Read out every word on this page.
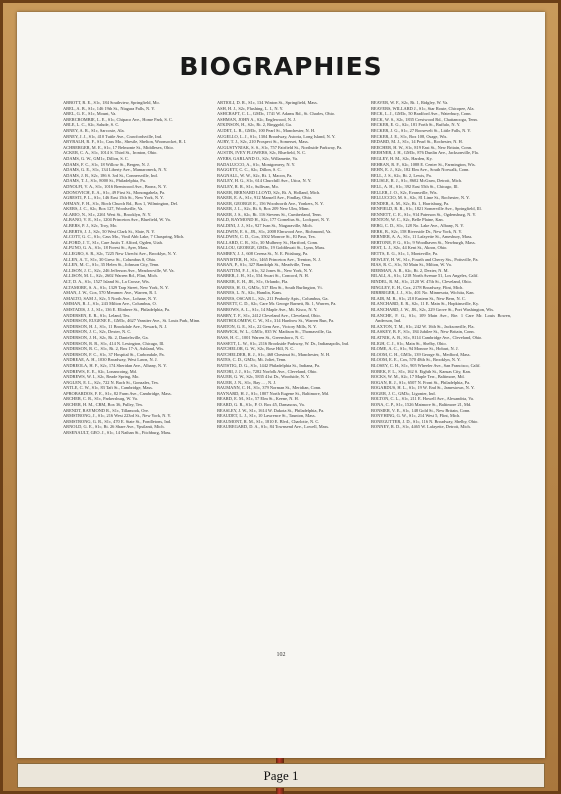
BIOGRAPHIES

ABBOTT, R. E., S1c, 184 Southview, Springfield, Mo.

ABEL, A. B., S1c, 146 19th St., Niagara Falls, N. Y.

ABEL, G. E., S1c, Mount, Va.

ABERCROMBIE, L. E., S1c, Chipaco Ave., Home Park, S. C.

ABLE, L. C., S2c, Salude, S. C.

ABNEY, A. R., S1c, Sarcoxie, Ala.

ABNEY, J. J., S1c, 410 Tuttle Ave., Crawfordsville, Ind.

ABYBALH, R. F., S1c, Cass Mo., Shesile, Shelton, Woonsocket, R. I.

ACHBERGER, M. E., S1c, 17 Belmonte St., Middlesex, Ohio.

ACKER, C. A., S1c, 1014 S. Third St., Ironton, Ohio.

ADAMS, G. W., GM1c, Dillon, S. C.

ADAMS, F. C., S1c, 18 Willow St., Bergen, N. J.

ADAMS, G. E., S1c, 134 Liberty Ave., Mamaroneck, N. Y.

ADAMS, J. B., S2c, 186 S. 3rd St., Connersville, Ind.

ADAMS, T. J., S1c, 8000 St., Philadelphia, Pa.

ADNOLFI, V. A., S1c, 1016 Brentwood Ave., Bronx, N. Y.

ADONOVICH, E. A., S1c, 49 First St., Monongahela, Pa.

AGRESTI, P. L., S1c, 146 East 15th St., New York, N. Y.

AHMAN, F. H., S1c, Birch Church Rd., Box 1, Wilmington, Del.

AKERS, J. C., S2c, Box 127, Woodsville, Va.

ALARIO, N., S1c, 2261 West St., Brooklyn, N. Y.

ALBANO, V. E., S1c, 1204 Princeton Ave., Bluefield, W. Va.

ALBERS, P. J., S2c, Troy, Mo.

ALBERTS, J. J., S2c, 50 West Clark St., Slate, N. Y.

ALCOTT, G. C., S1c, Cass Mo., Vinil Abb Lake, 7 Chaspring, Mich.

ALFORD, J. T., S1c, Care Justis T. Alford, Ogden, Utah.

ALFUNO, G. A., S1c, 18 Forest St., Ayer, Mass.

ALLEGRO, S. R., S2c, 7225 New Utrecht Ave., Brooklyn, N. Y.

ALLEN, A. T., S1c, 30 Gresc St., Columbus 8, Ohio.

ALLEN, M. C., S1c, 35 Helen St., Johnson City, Tenn.

ALLISON, J. C., S2c, 246 Jefferson Ave., Meadowville, W. Va.

ALLISON, M. L., S2c, 2602 Warren Rd., Flint, Mich.

ALT, D. A., S1c, 1527 Island St., La Crosse, Wis.

ALTAMORE, S. A., S1c, 1329 Tarp Street, New York, N. Y.

AMAN, J. W., Cox, 570 Meramec Ave., Warren, R. I.

AMALTO, SAM J., S2c, 5 North Ave., Lohane, N. Y.

AMMAN, R. J., S1c, 243 Milton Ave., Columbus, O.

AMSTADIS, J. J., S1c, 136 E. Elinbere St., Philadelphia, Pa.

ANDERSEN, E. R., S1c, Leland, Tex.

ANDERSON, EUGENE E., GM3c, 4627 Vanstter Ave., St. Louis Park, Minn.

ANDERSON, H. J., S1c, 11 Brookdale Ave., Newark, N. J.

ANDERSON, J. C., S2c, Dexter, N. C.

ANDERSON, J. H., S2c, Rt. 2, Danielsville, Ga.

ANDERSON, R. B., S1c, 414 N. Lexington, Chicago, Ill.

ANDERSON, R. C., S1c, Rt. 2, Box 17-A, Ashland, Wis.

ANDERSON, F. C., S1c, 37 Hospital St., Carbondale, Pa.

ANDREAE, A. H., 1030 Broadway, West Lawn, N. J.

ANDREOLA, H. F., S2c, 174 Sheridan Ave., Albany, N. Y.

ANDREWS, E. E., S2c, Lonancoing, Md.

ANDREWS, W. I., S2c, Reade Spring, Mo.

ANGLEN, E. L., S2c, 722 N. Bach St., Gonzales, Tex.

ANTLE, C. W., S1c, 83 Taft St., Cambridge, Mass.

APROBARDOS, F. E., S1c, 82 Farm Ave., Cambridge, Mass.

ARCHER, C. R., S1c, Parkersburg, W. Va.

ARCHER, H. M., CRM, Box 36, Pulley, Tex.

ARENDT, RAYMOND R., S1c, Tillamook, Ore.

ARMSTRONG, J., S1c, 216 West 223rd St., New York, N. Y.

ARMSTRONG, G. R., S1c, 470 E. State St., Fondletons, Ind.

ARNOLD, G. E., S1c, Rt. 26 Share Ave., Ypsilanti, Mich.

ARSENAULT, GEO. J., S1c, 14 Nathan St., Fitchburg, Mass.

ARTIOLI, D. R., S1c, 134 Winton St., Springfield, Mass.

ASH, H. J., S2c, Flushing, L. I., N. Y.

ASHCRAFT, C. L., GM3c, 1741 W. Adams Rd., St. Charles, Ohio.

ASHMAN, JOHN A., S2c, Englewood, N. J.

ATKINSON, H., S2c, Rt. 2, Ringgold, Ga.

AUDET, L. R., GM3c, 100 Pearl St., Manchester, N. H.

AUGELLO, L. J., S1c, 1304 Broadway, Astoria, Long Island, N. Y.

AURY, T. J., S2c, 210 Prospect St., Somerset, Mass.

AUGUSTYNIAK, S. S., S1c, 757 Fairfield St., Northside Parkway, Pa.

AUSTIN, IVEY FLOWERS, S2c, Bluefield, N. C.

AYERS, GARLAND O., S2c, Willamette, Va.

BADALUCCO, A., S1c, Montgomery, N. Y.

BAGGETT, C. C., S2c, Dillon, S. C.

BAGNALL, W. W., S2c, Rt. 1, Macon, Pa.

BAILEY, H. G., S1c, 614 Churchill Ave., Utica, N. Y.

BAILEY, R. R., S1c, Sullivan, Mo.

BAKER, BERNARD LLOYD, S2c, Rt. A, Holland, Mich.

BAKER, E. A., S1c, 912 Mansell Ave., Findlay, Ohio.

BAKER, GEORGE E., 156 Woodworth Ave., Yonkers, N. Y.

BAKER, J. L., S2c, Rt. 6, Box 209 New Ulm, Minn.

BAKER, J. S., S2c, Rt. 116 Stevens St., Cumberland, Tenn.

BALD, RAYMOND H., S2c, 177 Cornelius St., Lockport, N. Y.

BALDINI, J. J., S1c, 927 Ivan St., Niagaraville, Mich.

BALDWIN, E. S., JR., S1c, 2008 Elmwood Ave., Richmond, Va.

BALDWIN, C. D., Cox, 3502 Monroe St., El Paso, Tex.

BALLARD, C. R., S1c, 30 Mulberry St., Hartford, Conn.

BALLOU, GEORGE, GM3c, 19 Goldthwait St., Lynn, Mass.

BAMBEY, J. J., 608 Cerena St., N. E. Pittsburg, Pa.

BANNISTER, H., S1c, 1465 Princeton Ave., Trenton, N. J.

BARAN, P., S1c, 327 Randolph St., Meadville, Tenn.

BARATTINI, F. J., S1c, 32 Jones St., New York, N. Y.

BARBER, J. H., S1c, 554 Swart St., Concord, N. H.

BARKER, E. H., JR., S1c, Orlando, Fla.

BARNES, H. O., GM3c, 517 Elm St., South Burlington, Vt.

BARNES, L. N., S2c, Hamlin, Kans.

BARNES, OSCAR L., S2c, 211 Peabody Apts., Columbus, Ga.

BARNETT, C. D., S2c, Care Mr. George Barnett, Rt. 1, Warren, Pa.

BARROWS, A. L., S1c, 14 Maple Ave., Mt. Kisco, N. Y.

BARRY, T. F., S1c, 2412 Cleveland Ave., Cleveland, Ohio.

BARTHOLOMEW, C. W., S1c, 314 Hardrow St., Warren Run, Pa.

BARTON, G. E., S1c, 22 Gem Ave., Victory Mills, N. Y.

BARWICK, W. L., GM3c, 835 W. Madison St., Thomasville, Ga.

BASS, H. C., 1001 Warren St., Greensboro, N. C.

BASSETT, L. W., S1c, 2116 Brookside Parkway, W. Dr., Indianapolis, Ind.

BATCHELOR, G. W., S2c, Rose Hill, N. C.

BATCHELDER, R. J., S1c, 468 Chestnut St., Manchester, N. H.

BATES, C. D., GM3c, Mt. Joliet, Tenn.

BATISTIG, D. G., S1c, 1442 Philadelphia St., Indiana, Pa.

BATORI, J. J., S1c, 7282 Norfolk Ave., Cleveland, Ohio.

BAUER, G. W., S2c, 5835 41st Dr., Woodside, N. Y.

BAUER, J. N., S1c, Bay ... , N. J.

BAUMANN, C. H., S1c, 379 Norman St., Meridian, Conn.

BAYNARD, H. J., S1c, 1807 North Eugene St., Baltimore, Md.

BEARD, E. M., S1c, 57 Elm St., Keene, N. H.

BEARD, G. R., S1c, P. O. Box 45, Damascus, Va.

BEASLEY, J. W., S1c, 1614 W. Dakota St., Philadelphia, Pa.

BEAUDET, L. J., S1c, 10 Lawrence St., Taunton, Mass.

BEAUMONT, R. M., S1c, 1810 E. Blvd., Charlotte, N. C.

BEAUREGARD, D. A., S1c, 84 Townsend Ave., Lowell, Mass.

BEAVER, W. F., S2c, Rt. 1, Ridgley, W. Va.

BEAVERS, WILLARD J., S1c, Star Route, Chicopee, Ala.

BECK, L. J., GM3c, 50 Bradford Ave., Waterbury, Conn.

BECK, W. S., S2c, 1835 Crestwood Rd., Chattanooga, Tenn.

BECKER, E. G., S2c, 181 Forth St., Buffalo, N. Y.

BECKER, J. G., S1c, 27 Roosevelt St., Little Falls, N. Y.

BECKER, J. E., S1c, Box 108, Osage, Wis.

BEDARD, M. J., S1c, 14 Pearl St., Rochester, N. H.

BEECHER, H. W., S1c, 819 East St., New Britain, Conn.

BEEHNER, J. H., GM3c, 876 Dunlin Ave., Jacksonville, Fla.

BEGLEY, H. M., S2c, Harden, Ky.

BEHRAN, R. F., S2c, 1088 E. Center St., Farmington, Wis.

BEHN, E. J., S2c, 182 Elm Ave., South Norwalk, Conn.

BELL, J. S., S2c, Rt. 2, Lewis, Pa.

BELISLE, R. J., S1c, 8602 McGraw, Detroit, Mich.

BELL, A. H., S1c, 392 East 55th St., Chicago, Ill.

BELLER, J. O., S2c, Evansville, Wis.

BELLUCCIO, M. S., S2c, 81 Lime St., Rochester, N. Y.

BENDER, A. M., S2c, Rt. 1, Harrisburg, Pa.

BENFIELD, R. R., S1c, 1821 Somerville Ave., Springfield, Ill.

BENNETT, C. E., S1c, 914 Paterson St., Ogdensburg, N. Y.

BENTON, W. C., S2c, Belle Plaine, Kan.

BERG, C. D., S1c, 128 No. Lake Ave., Albany, N. Y.

BERK, B., S2c, 158 Riverside Dr., New York, N. Y.

BERNIER, A. A., S1c, 11 Lafayette St., Amesbury, Mass.

BERTONE, P. G., S1c, 9 Woodhaven St., Newburgh, Mass.

BEST, L. J., S2c, 44 Kent St., Akron, Ohio.

BETTS, E. G., S1c, 1, Monteville, Pa.

BEWLEY, H. W., S1c, Fourth and Cherry Sts., Pottsville, Pa.

BIAS, R. C., S1c, 50 Main St., Milton, W. Va.

BIERMAN, A. R., S2c, Rt. 2, Dexter, N. M.

BILALI, A., S1c, 1218 North Avenue 51, Los Angeles, Calif.

BINDEL, R. M., S1c, 2120 W. 47th St., Cleveland, Ohio.

BINGLEY, E. H., Cox, 2178 Broadway, Flint, Mich.

BIRBRIGER, J. J., S1c, 401 No. Minnesota, Wichita, Kan.

BLAIR, M. R., S1c, 210 Eastern St., New Bern, N. C.

BLANCHARD, E. R., S2c, 11 E. Main St., Hopkinsville, Ky.

BLANCHARD, J. W., JR., S2c, 229 Grove St., Port Washington, Wis.

BLANCHE, F. G., S1c, 109 Main Ave., Rte. 1 Care Mr. Louis Bowen, Anderson, Ind.

BLAXTON, T. M., S1c, 242 W. 16th St., Jacksonville, Fla.

BLASKEY, B. F., S1c, 184 Jubilee St., New Britain, Conn.

BLATNIK, A. B., S1c, 8114 Cambridge Ave., Cleveland, Ohio.

BLIGH, C. J., S1c, Main St., Shelby, Ohio.

BLOME, A. C., S1c, 94 Monroe St., Hobart, N. J.

BLOOM, C. H., GM3c, 139 George St., Medford, Mass.

BLOOM, E. E., Cox, 570 48th St., Brooklyn, N. Y.

BLOSEY, C. H., S1c, 905 Wheeler Ave., San Francisco, Calif.

BOBEK, F. L., S1c, 162 S. Eighth St., Kansas City, Kan.

BOCKS, W. M., S2c, 17 Maple Terr., Baltimore, Md.

BOGAN, R. J., S1c, 6507 N. Front St., Philadelphia, Pa.

BOGARDUS, H. L., S1c, 19 W. End St., Jamestown, N. Y.

BOGER, J. C., GM3c, Ligonier, Ind.

BOLTON, C. L., S1c, 211 E. Howell Ave., Alexandria, Va.

BONA, C. P., S1c, 1526 Matmore St., Baltimore 21, Md.

BONSIER, V. E., S1c, 148 Gold St., New Britain, Conn.

BONYHING, G. W., S1c, 214 West 5, Flint, Mich.

BONEGUTTER, J. D., S1c, 116 N. Broadway, Shelby, Ohio.

BONNEY, R. D., S1c, 4465 W. Lafayette, Detroit, Mich.

102
Page 1
